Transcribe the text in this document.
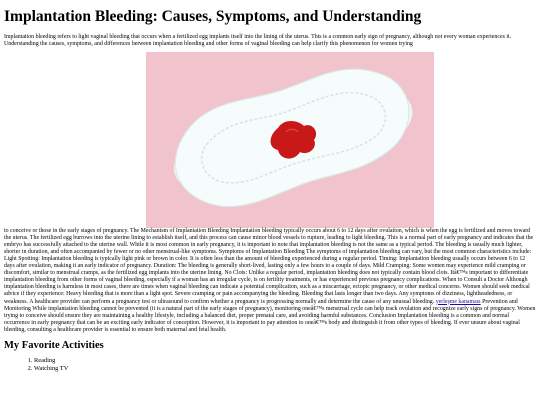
Implantation Bleeding: Causes, Symptoms, and Understanding

Implantation bleeding refers to light vaginal bleeding that occurs when a fertilized egg implants itself into the lining of the uterus. This is a common early sign of pregnancy, although not every woman experiences it. Understanding the causes, symptoms, and differences between implantation bleeding and other forms of vaginal bleeding can help clarify this phenomenon for women trying

to conceive or those in the early stages of pregnancy. The Mechanism of Implantation Bleeding Implantation bleeding typically occurs about 6 to 12 days after ovulation, which is when the egg is fertilized and moves toward the uterus. The fertilized egg burrows into the uterine lining to establish itself, and this process can cause minor blood vessels to rupture, leading to light bleeding. This is a normal part of early pregnancy and indicates that the embryo has successfully attached to the uterine wall. While it is most common in early pregnancy, it is important to note that implantation bleeding is not the same as a typical period. The bleeding is usually much lighter, shorter in duration, and often accompanied by fewer or no other menstrual-like symptoms. Symptoms of Implantation Bleeding The symptoms of implantation bleeding can vary, but the most common characteristics include: Light Spotting: Implantation bleeding is typically light pink or brown in color. It is often less than the amount of bleeding experienced during a regular period. Timing: Implantation bleeding usually occurs between 6 to 12 days after ovulation, making it an early indicator of pregnancy. Duration: The bleeding is generally short-lived, lasting only a few hours to a couple of days. Mild Cramping: Some women may experience mild cramping or discomfort, similar to menstrual cramps, as the fertilized egg implants into the uterine lining. No Clots: Unlike a regular period, implantation bleeding does not typically contain blood clots. Itâ€™s important to differentiate implantation bleeding from other forms of vaginal bleeding, especially if a woman has an irregular cycle, is on fertility treatments, or has experienced previous pregnancy complications. When to Consult a Doctor Although implantation bleeding is harmless in most cases, there are times when vaginal bleeding can indicate a potential complication, such as a miscarriage, ectopic pregnancy, or other medical concerns. Women should seek medical advice if they experience: Heavy bleeding that is more than a light spot. Severe cramping or pain accompanying the bleeding. Bleeding that lasts longer than two days. Any symptoms of dizziness, lightheadedness, or weakness. A healthcare provider can perform a pregnancy test or ultrasound to confirm whether a pregnancy is progressing normally and determine the cause of any unusual bleeding. yerleşme kanaması Prevention and Monitoring While implantation bleeding cannot be prevented (it is a natural part of the early stages of pregnancy), monitoring oneâ€™s menstrual cycle can help track ovulation and recognize early signs of pregnancy. Women trying to conceive should ensure they are maintaining a healthy lifestyle, including a balanced diet, proper prenatal care, and avoiding harmful substances. Conclusion Implantation bleeding is a common and normal occurrence in early pregnancy that can be an exciting early indicator of conception. However, it is important to pay attention to oneâ€™s body and distinguish it from other types of bleeding. If ever unsure about vaginal bleeding, consulting a healthcare provider is essential to ensure both maternal and fetal health.

My Favorite Activities
1. Reading
2. Watching TV
